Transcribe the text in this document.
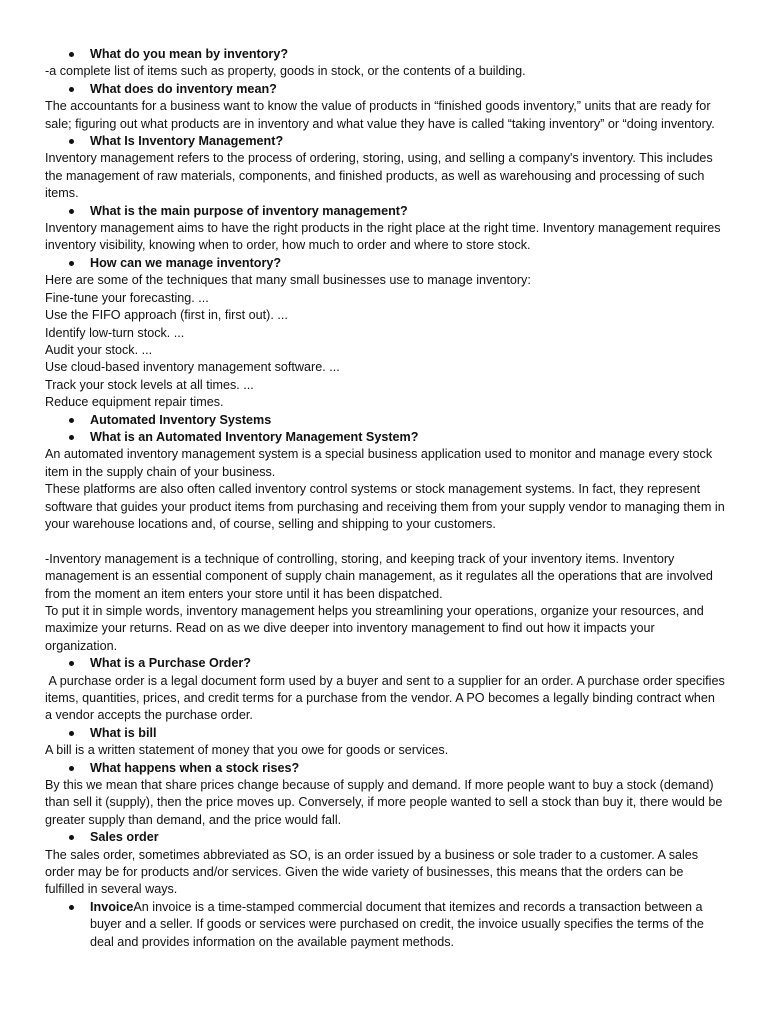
What do you mean by inventory?

-a complete list of items such as property, goods in stock, or the contents of a building.

What does do inventory mean?

The accountants for a business want to know the value of products in “finished goods inventory,” units that are ready for sale; figuring out what products are in inventory and what value they have is called “taking inventory” or “doing inventory.

What Is Inventory Management?

Inventory management refers to the process of ordering, storing, using, and selling a company's inventory. This includes the management of raw materials, components, and finished products, as well as warehousing and processing of such items.

What is the main purpose of inventory management?

Inventory management aims to have the right products in the right place at the right time. Inventory management requires inventory visibility, knowing when to order, how much to order and where to store stock.

How can we manage inventory?

Here are some of the techniques that many small businesses use to manage inventory:

Fine-tune your forecasting. ...

Use the FIFO approach (first in, first out). ...

Identify low-turn stock. ...

Audit your stock. ...

Use cloud-based inventory management software. ...

Track your stock levels at all times. ...

Reduce equipment repair times.

Automated Inventory Systems
What is an Automated Inventory Management System?

An automated inventory management system is a special business application used to monitor and manage every stock item in the supply chain of your business.

These platforms are also often called inventory control systems or stock management systems. In fact, they represent software that guides your product items from purchasing and receiving them from your supply vendor to managing them in your warehouse locations and, of course, selling and shipping to your customers.

-Inventory management is a technique of controlling, storing, and keeping track of your inventory items. Inventory management is an essential component of supply chain management, as it regulates all the operations that are involved from the moment an item enters your store until it has been dispatched.

To put it in simple words, inventory management helps you streamlining your operations, organize your resources, and maximize your returns. Read on as we dive deeper into inventory management to find out how it impacts your organization.

What is a Purchase Order?

A purchase order is a legal document form used by a buyer and sent to a supplier for an order. A purchase order specifies items, quantities, prices, and credit terms for a purchase from the vendor. A PO becomes a legally binding contract when a vendor accepts the purchase order.

What is bill

A bill is a written statement of money that you owe for goods or services.

What happens when a stock rises?

By this we mean that share prices change because of supply and demand. If more people want to buy a stock (demand) than sell it (supply), then the price moves up. Conversely, if more people wanted to sell a stock than buy it, there would be greater supply than demand, and the price would fall.

Sales order

The sales order, sometimes abbreviated as SO, is an order issued by a business or sole trader to a customer. A sales order may be for products and/or services. Given the wide variety of businesses, this means that the orders can be fulfilled in several ways.

InvoiceAn invoice is a time-stamped commercial document that itemizes and records a transaction between a buyer and a seller. If goods or services were purchased on credit, the invoice usually specifies the terms of the deal and provides information on the available payment methods.
